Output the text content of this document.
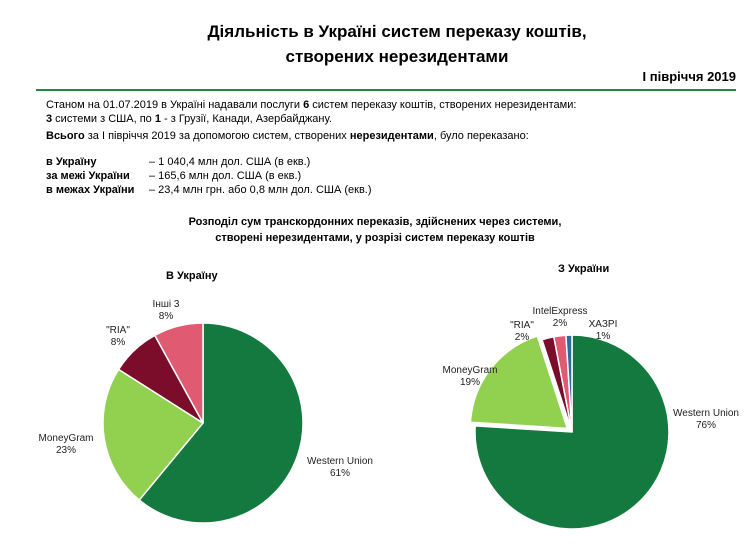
Діяльність в Україні систем переказу коштів,
створених нерезидентами
І півріччя 2019
Станом на 01.07.2019 в Україні надавали послуги 6 систем переказу коштів, створених нерезидентами:
3 системи з США, по 1 - з Грузії, Канади, Азербайджану.
Всього за І півріччя 2019 за допомогою систем, створених нерезидентами, було переказано:
в Україну	– 1 040,4 млн дол. США (в екв.)
за межі України – 165,6 млн дол. США (в екв.)
в межах України – 23,4 млн грн. або 0,8 млн дол. США (екв.)
Розподіл сум транскордонних переказів, здійснених через системи,
створені нерезидентами, у розрізі систем переказу коштів
В Україну
З України
Western Union
61%
MoneyGram
23%
"RIA"
8%
Інші 3
8%
Western Union
76%
MoneyGram
19%
"RIA"
2%
IntelExpress
2% ХАЗРІ
1%
